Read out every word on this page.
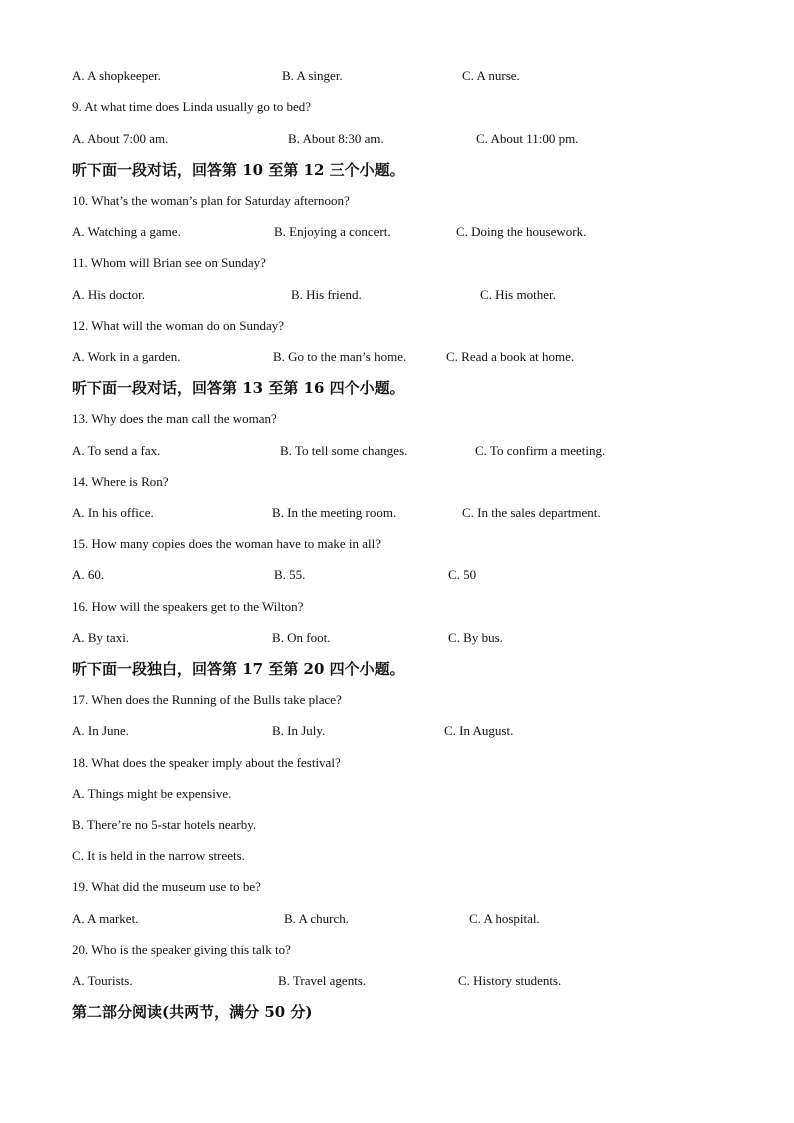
A. A shopkeeper.	B. A singer.	C. A nurse.
9. At what time does Linda usually go to bed?
A. About 7:00 am.	B. About 8:30 am.	C. About 11:00 pm.
听下面一段对话，回答第 10 至第 12 三个小题。
10. What’s the woman’s plan for Saturday afternoon?
A. Watching a game.	B. Enjoying a concert.	C. Doing the housework.
11. Whom will Brian see on Sunday?
A. His doctor.	B. His friend.	C. His mother.
12. What will the woman do on Sunday?
A. Work in a garden.	B. Go to the man’s home.	C. Read a book at home.
听下面一段对话，回答第 13 至第 16 四个小题。
13. Why does the man call the woman?
A. To send a fax.	B. To tell some changes.	C. To confirm a meeting.
14. Where is Ron?
A. In his office.	B. In the meeting room.	C. In the sales department.
15. How many copies does the woman have to make in all?
A. 60.	B. 55.	C. 50
16. How will the speakers get to the Wilton?
A. By taxi.	B. On foot.	C. By bus.
听下面一段独白，回答第 17 至第 20 四个小题。
17. When does the Running of the Bulls take place?
A. In June.	B. In July.	C. In August.
18. What does the speaker imply about the festival?
A. Things might be expensive.
B. There’re no 5-star hotels nearby.
C. It is held in the narrow streets.
19. What did the museum use to be?
A. A market.	B. A church.	C. A hospital.
20. Who is the speaker giving this talk to?
A. Tourists.	B. Travel agents.	C. History students.
第二部分阅读(共两节，满分 50 分)
